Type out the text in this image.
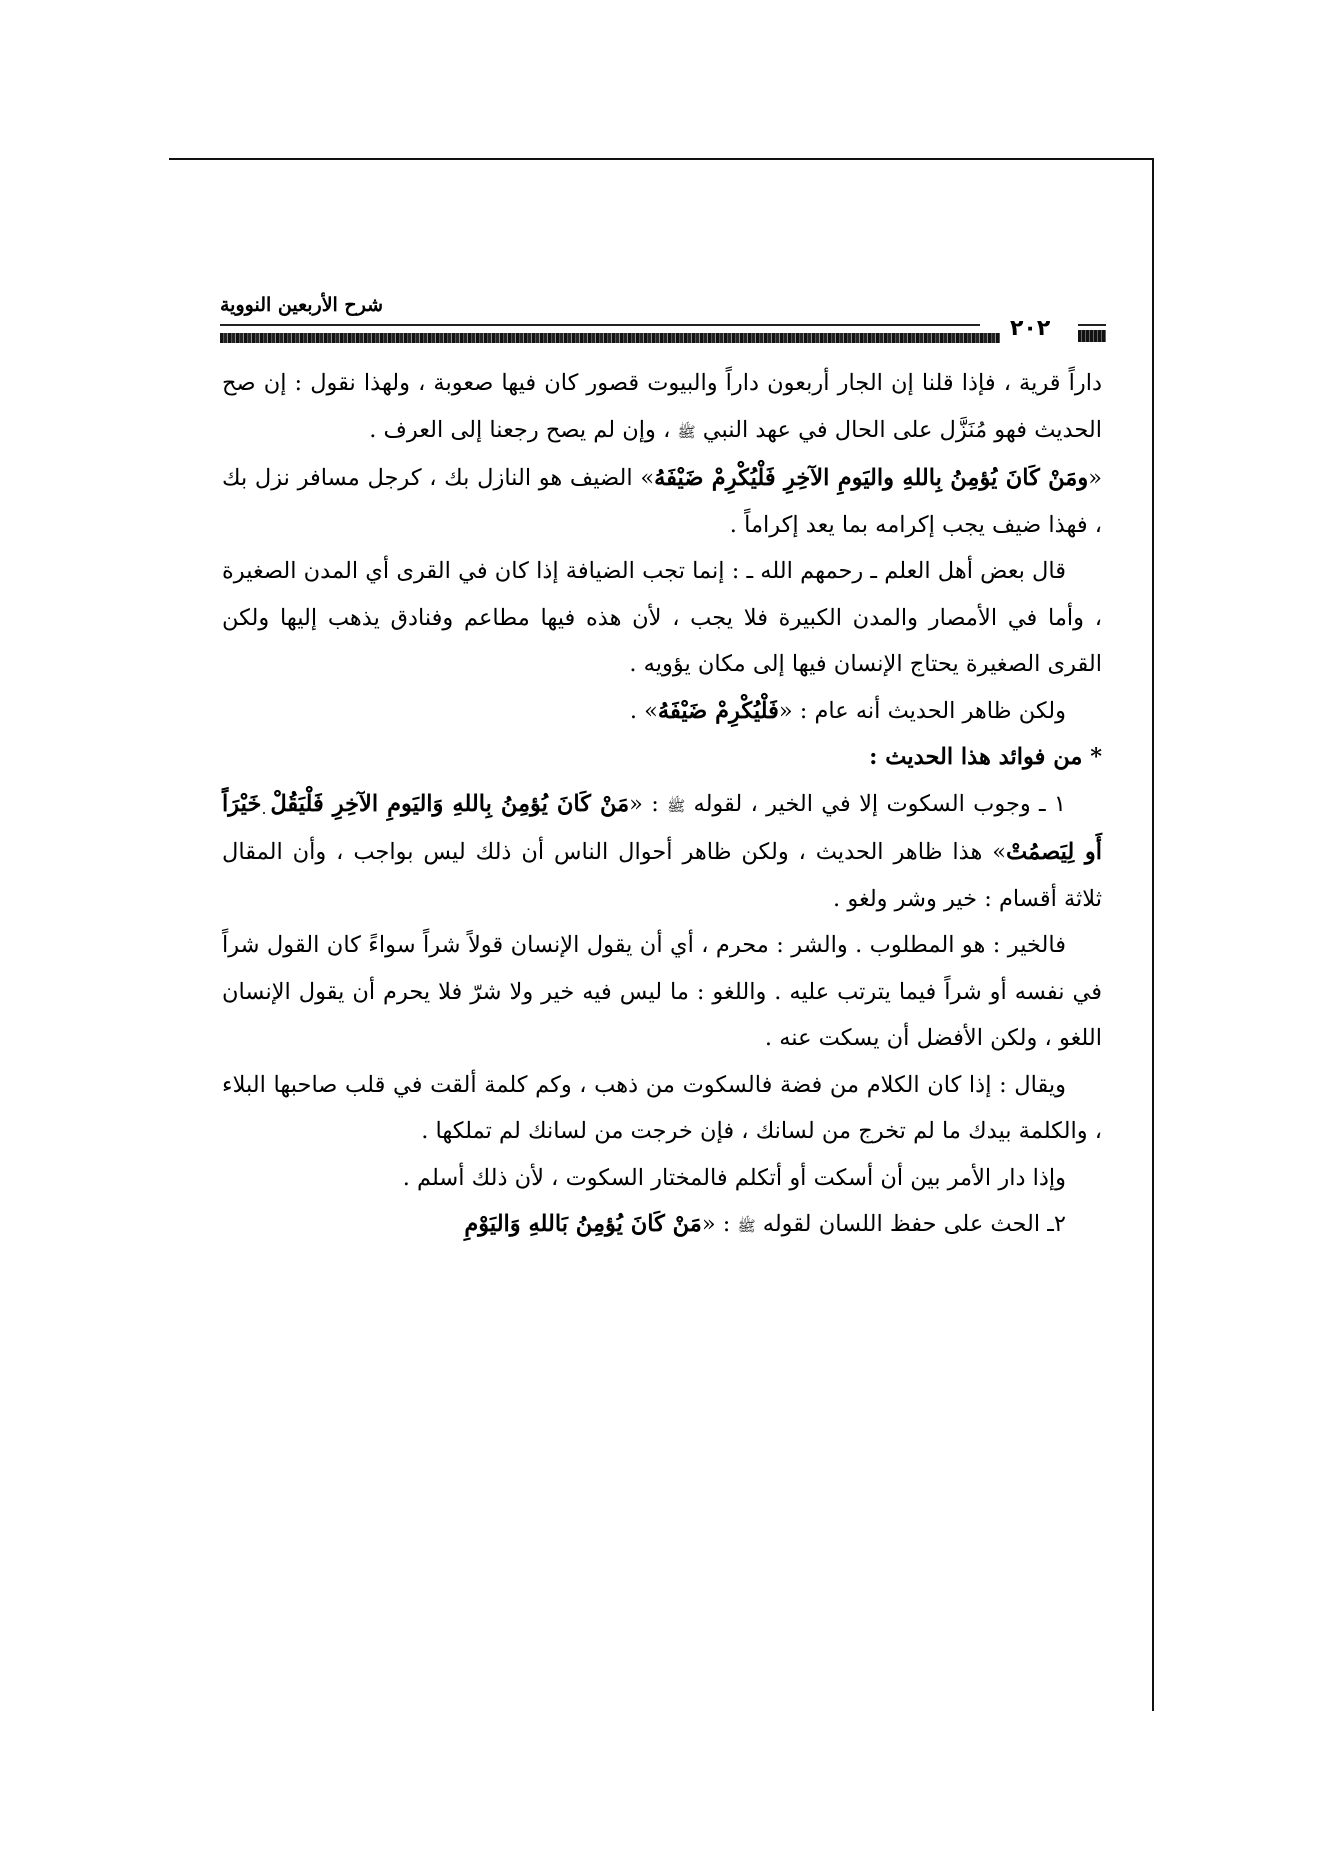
شرح الأربعين النووية
٢٠٢

داراً قرية ، فإذا قلنا إن الجار أربعون داراً والبيوت قصور كان فيها صعوبة ، ولهذا نقول : إن صح الحديث فهو مُنَزَّل على الحال في عهد النبي ﷺ ، وإن لم يصح رجعنا إلى العرف .

«ومَنْ كَانَ يُؤمِنُ بِاللهِ واليَومِ الآخِرِ فَلْيُكْرِمْ ضَيْفَهُ» الضيف هو النازل بك ، كرجل مسافر نزل بك ، فهذا ضيف يجب إكرامه بما يعد إكراماً .

قال بعض أهل العلم ـ رحمهم الله ـ : إنما تجب الضيافة إذا كان في القرى أي المدن الصغيرة ، وأما في الأمصار والمدن الكبيرة فلا يجب ، لأن هذه فيها مطاعم وفنادق يذهب إليها ولكن القرى الصغيرة يحتاج الإنسان فيها إلى مكان يؤويه .

ولكن ظاهر الحديث أنه عام : «فَلْيُكْرِمْ ضَيْفَهُ» .

* من فوائد هذا الحديث :

١ ـ وجوب السكوت إلا في الخير ، لقوله ﷺ : «مَنْ كَانَ يُؤمِنُ بِاللهِ وَاليَومِ الآخِرِ فَلْيَقُلْ خَيْرَاً أَو لِيَصمُتْ» هذا ظاهر الحديث ، ولكن ظاهر أحوال الناس أن ذلك ليس بواجب ، وأن المقال ثلاثة أقسام : خير وشر ولغو .

فالخير : هو المطلوب . والشر : محرم ، أي أن يقول الإنسان قولاً شراً سواءً كان القول شراً في نفسه أو شراً فيما يترتب عليه . واللغو : ما ليس فيه خير ولا شرّ فلا يحرم أن يقول الإنسان اللغو ، ولكن الأفضل أن يسكت عنه .

ويقال : إذا كان الكلام من فضة فالسكوت من ذهب ، وكم كلمة ألقت في قلب صاحبها البلاء ، والكلمة بيدك ما لم تخرج من لسانك ، فإن خرجت من لسانك لم تملكها .

وإذا دار الأمر بين أن أسكت أو أتكلم فالمختار السكوت ، لأن ذلك أسلم .

٢ـ الحث على حفظ اللسان لقوله ﷺ : «مَنْ كَانَ يُؤمِنُ بَاللهِ وَاليَوْمِ
